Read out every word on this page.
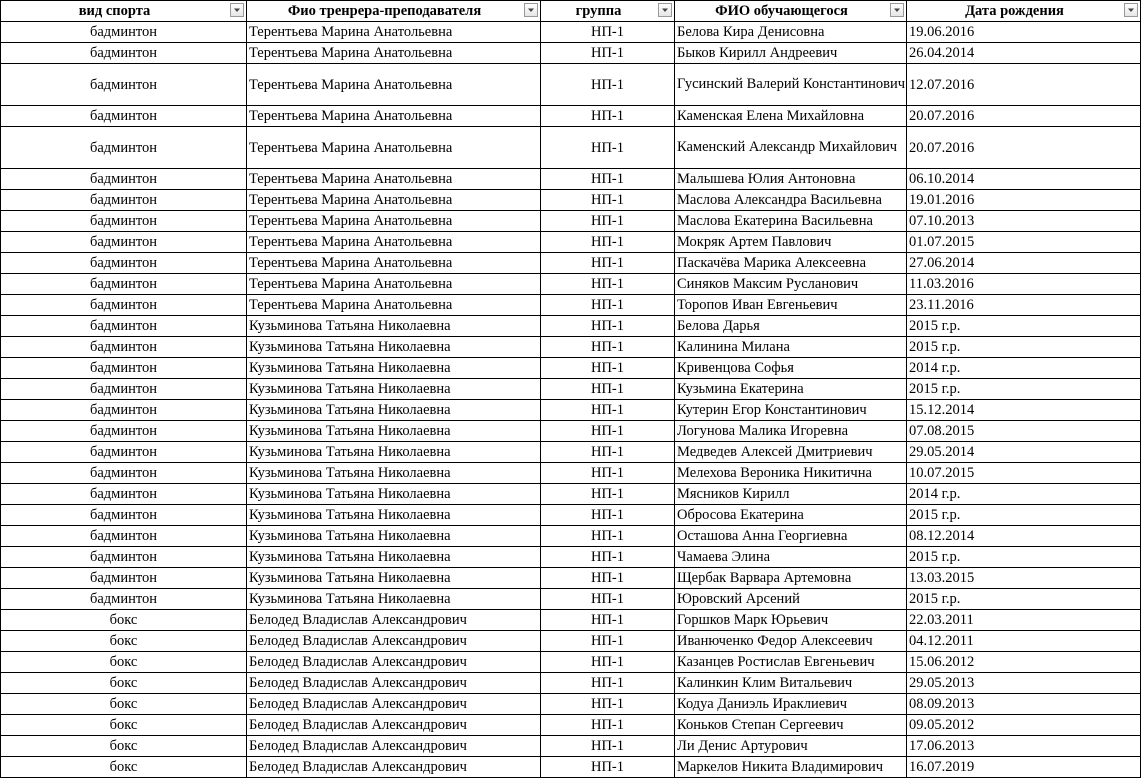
вид спорта	Фио тренрера-преподавателя	группа	ФИО обучающегося	Дата рождения

бадминтон	Терентьева Марина Анатольевна	НП-1	Белова Кира Денисовна	19.06.2016
бадминтон	Терентьева Марина Анатольевна	НП-1	Быков Кирилл Андреевич	26.04.2014
бадминтон	Терентьева Марина Анатольевна	НП-1	Гусинский Валерий Константинович	12.07.2016
бадминтон	Терентьева Марина Анатольевна	НП-1	Каменская Елена Михайловна	20.07.2016
бадминтон	Терентьева Марина Анатольевна	НП-1	Каменский Александр Михайлович	20.07.2016
бадминтон	Терентьева Марина Анатольевна	НП-1	Малышева Юлия Антоновна	06.10.2014
бадминтон	Терентьева Марина Анатольевна	НП-1	Маслова Александра Васильевна	19.01.2016
бадминтон	Терентьева Марина Анатольевна	НП-1	Маслова Екатерина Васильевна	07.10.2013
бадминтон	Терентьева Марина Анатольевна	НП-1	Мокряк Артем Павлович	01.07.2015
бадминтон	Терентьева Марина Анатольевна	НП-1	Паскачёва Марика Алексеевна	27.06.2014
бадминтон	Терентьева Марина Анатольевна	НП-1	Синяков Максим Русланович	11.03.2016
бадминтон	Терентьева Марина Анатольевна	НП-1	Торопов Иван Евгеньевич	23.11.2016
бадминтон	Кузьминова Татьяна Николаевна	НП-1	Белова Дарья	2015 г.р.
бадминтон	Кузьминова Татьяна Николаевна	НП-1	Калинина Милана	2015 г.р.
бадминтон	Кузьминова Татьяна Николаевна	НП-1	Кривенцова Софья	2014 г.р.
бадминтон	Кузьминова Татьяна Николаевна	НП-1	Кузьмина Екатерина	2015 г.р.
бадминтон	Кузьминова Татьяна Николаевна	НП-1	Кутерин Егор Константинович	15.12.2014
бадминтон	Кузьминова Татьяна Николаевна	НП-1	Логунова Малика Игоревна	07.08.2015
бадминтон	Кузьминова Татьяна Николаевна	НП-1	Медведев Алексей Дмитриевич	29.05.2014
бадминтон	Кузьминова Татьяна Николаевна	НП-1	Мелехова Вероника Никитична	10.07.2015
бадминтон	Кузьминова Татьяна Николаевна	НП-1	Мясников Кирилл	2014 г.р.
бадминтон	Кузьминова Татьяна Николаевна	НП-1	Обросова Екатерина	2015 г.р.
бадминтон	Кузьминова Татьяна Николаевна	НП-1	Осташова Анна Георгиевна	08.12.2014
бадминтон	Кузьминова Татьяна Николаевна	НП-1	Чамаева Элина	2015 г.р.
бадминтон	Кузьминова Татьяна Николаевна	НП-1	Щербак Варвара Артемовна	13.03.2015
бадминтон	Кузьминова Татьяна Николаевна	НП-1	Юровский Арсений	2015 г.р.
бокс	Белодед Владислав Александрович	НП-1	Горшков Марк Юрьевич	22.03.2011
бокс	Белодед Владислав Александрович	НП-1	Иванюченко Федор Алексеевич	04.12.2011
бокс	Белодед Владислав Александрович	НП-1	Казанцев Ростислав Евгеньевич	15.06.2012
бокс	Белодед Владислав Александрович	НП-1	Калинкин Клим Витальевич	29.05.2013
бокс	Белодед Владислав Александрович	НП-1	Кодуа Даниэль Ираклиевич	08.09.2013
бокс	Белодед Владислав Александрович	НП-1	Коньков Степан Сергеевич	09.05.2012
бокс	Белодед Владислав Александрович	НП-1	Ли Денис Артурович	17.06.2013
бокс	Белодед Владислав Александрович	НП-1	Маркелов Никита Владимирович	16.07.2019
